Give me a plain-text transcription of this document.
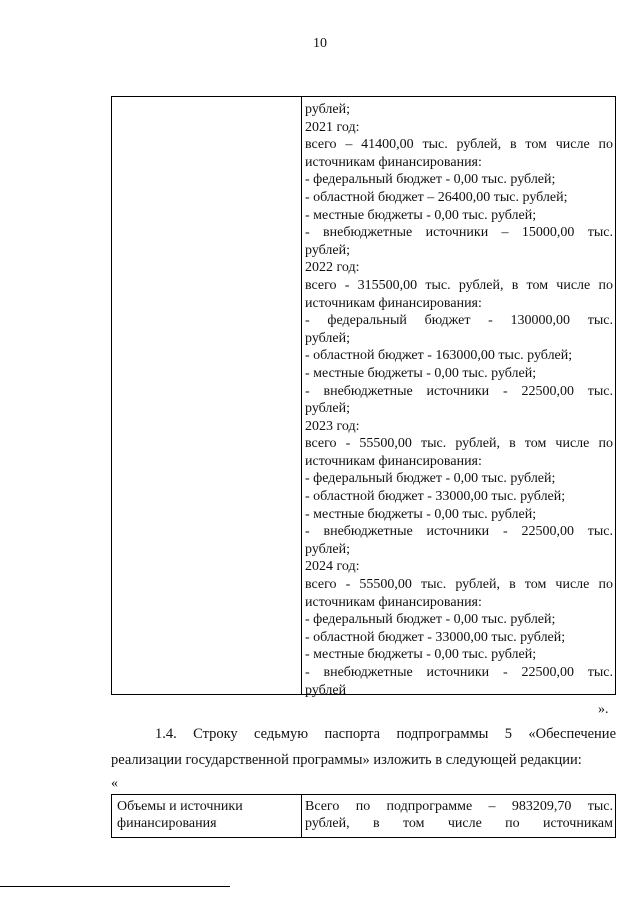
10
рублей;
2021 год:
всего – 41400,00 тыс. рублей, в том числе по
источникам финансирования:
- федеральный бюджет - 0,00 тыс. рублей;
- областной бюджет – 26400,00 тыс. рублей;
- местные бюджеты - 0,00 тыс. рублей;
- внебюджетные источники – 15000,00 тыс.
рублей;
2022 год:
всего - 315500,00 тыс. рублей, в том числе по
источникам финансирования:
- федеральный бюджет - 130000,00 тыс.
рублей;
- областной бюджет - 163000,00 тыс. рублей;
- местные бюджеты - 0,00 тыс. рублей;
- внебюджетные источники - 22500,00 тыс.
рублей;
2023 год:
всего - 55500,00 тыс. рублей, в том числе по
источникам финансирования:
- федеральный бюджет - 0,00 тыс. рублей;
- областной бюджет - 33000,00 тыс. рублей;
- местные бюджеты - 0,00 тыс. рублей;
- внебюджетные источники - 22500,00 тыс.
рублей;
2024 год:
всего - 55500,00 тыс. рублей, в том числе по
источникам финансирования:
- федеральный бюджет - 0,00 тыс. рублей;
- областной бюджет - 33000,00 тыс. рублей;
- местные бюджеты - 0,00 тыс. рублей;
- внебюджетные источники - 22500,00 тыс.
рублей
».
1.4. Строку седьмую паспорта подпрограммы 5 «Обеспечение
реализации государственной программы» изложить в следующей редакции:
«
Объемы и источники
финансирования
Всего по подпрограмме – 983209,70 тыс.
рублей, в том числе по источникам
